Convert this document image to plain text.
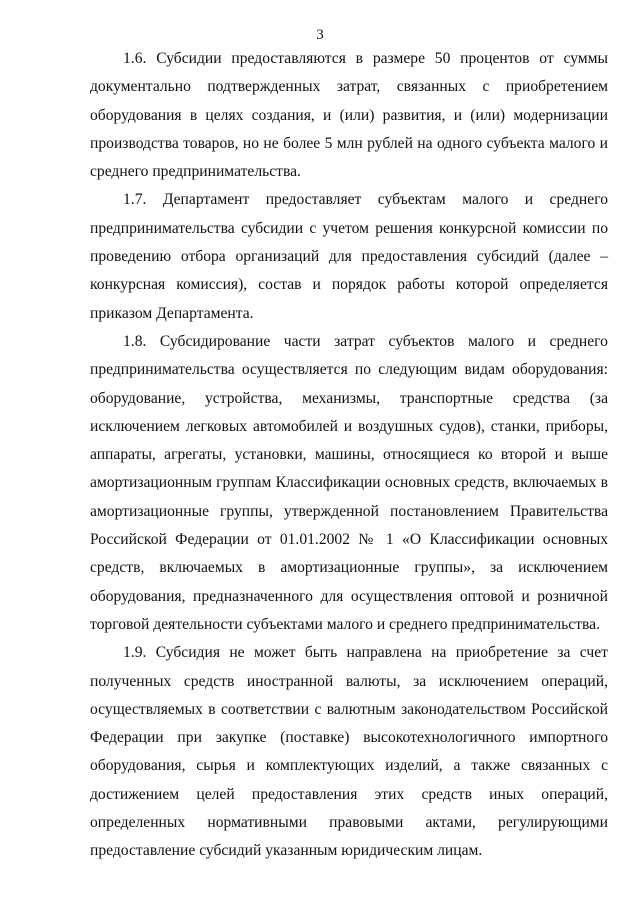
3

1.6. Субсидии предоставляются в размере 50 процентов от суммы документально подтвержденных затрат, связанных с приобретением оборудования в целях создания, и (или) развития, и (или) модернизации производства товаров, но не более 5 млн рублей на одного субъекта малого и среднего предпринимательства.

1.7. Департамент предоставляет субъектам малого и среднего предпринимательства субсидии с учетом решения конкурсной комиссии по проведению отбора организаций для предоставления субсидий (далее – конкурсная комиссия), состав и порядок работы которой определяется приказом Департамента.

1.8. Субсидирование части затрат субъектов малого и среднего предпринимательства осуществляется по следующим видам оборудования: оборудование, устройства, механизмы, транспортные средства (за исключением легковых автомобилей и воздушных судов), станки, приборы, аппараты, агрегаты, установки, машины, относящиеся ко второй и выше амортизационным группам Классификации основных средств, включаемых в амортизационные группы, утвержденной постановлением Правительства Российской Федерации от 01.01.2002 № 1 «О Классификации основных средств, включаемых в амортизационные группы», за исключением оборудования, предназначенного для осуществления оптовой и розничной торговой деятельности субъектами малого и среднего предпринимательства.

1.9. Субсидия не может быть направлена на приобретение за счет полученных средств иностранной валюты, за исключением операций, осуществляемых в соответствии с валютным законодательством Российской Федерации при закупке (поставке) высокотехнологичного импортного оборудования, сырья и комплектующих изделий, а также связанных с достижением целей предоставления этих средств иных операций, определенных нормативными правовыми актами, регулирующими предоставление субсидий указанным юридическим лицам.
